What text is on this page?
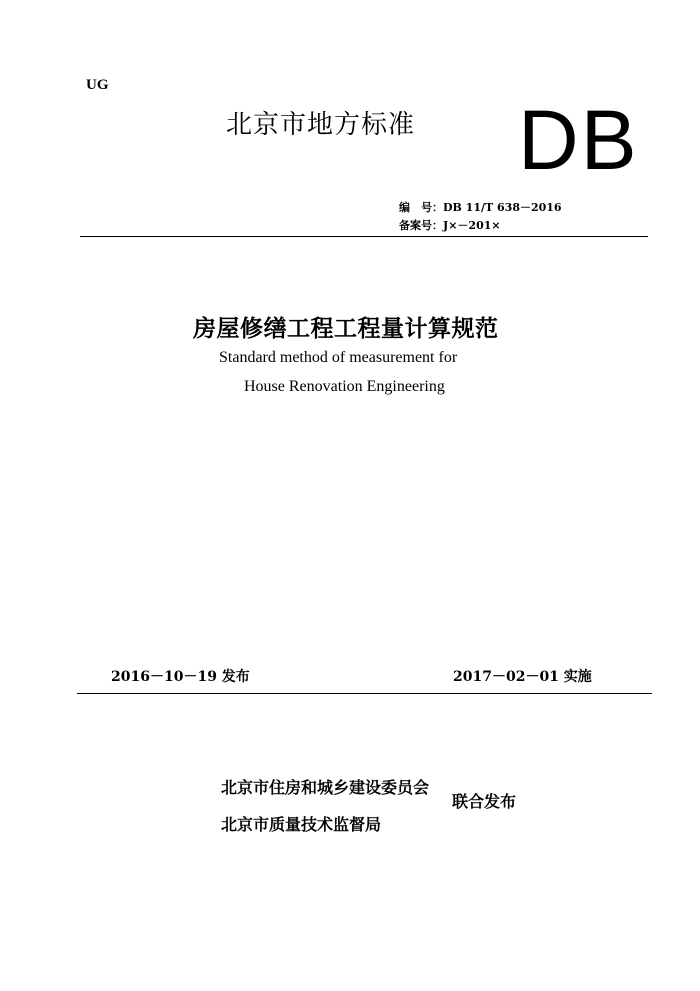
UG
北京市地方标准 DB
编　号：DB 11/T 638－2016
备案号：J×－201×
房屋修缮工程工程量计算规范
Standard method of measurement for
House Renovation Engineering
2016－10－19 发布	2017－02－01 实施
北京市住房和城乡建设委员会
北京市质量技术监督局
联合发布
